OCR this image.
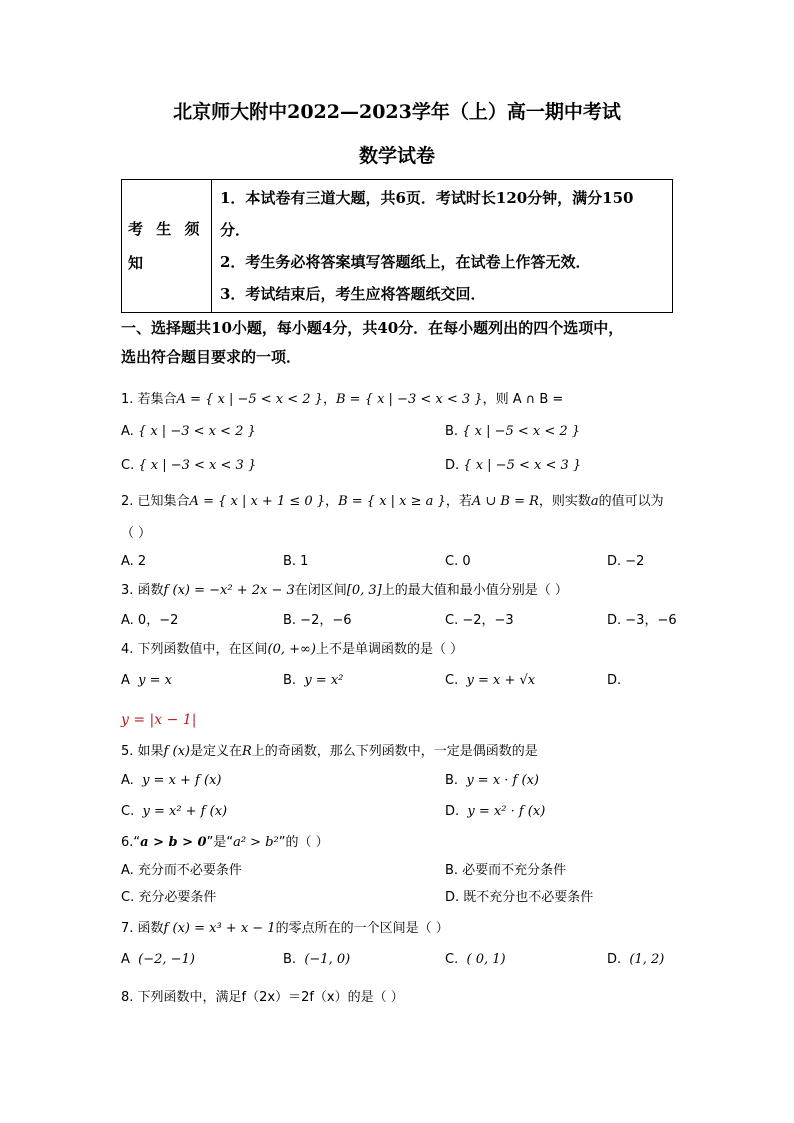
北京师大附中2022—2023学年（上）高一期中考试
数学试卷
考 生 须 知	
1．本试卷有三道大题，共6页．考试时长120分钟，满分150
分．
2．考生务必将答案填写答题纸上，在试卷上作答无效．
3．考试结束后，考生应将答题纸交回．
一、选择题共10小题，每小题4分，共40分．在每小题列出的四个选项中，
选出符合题目要求的一项．
1. 若集合A = { x | −5 < x < 2 }，B = { x | −3 < x < 3 }，则 A ∩ B =
A. { x | −3 < x < 2 }	B. { x | −5 < x < 2 }
C. { x | −3 < x < 3 }	D. { x | −5 < x < 3 }
2. 已知集合A = { x | x + 1 ≤ 0 }，B = { x | x ≥ a }，若A ∪ B = R，则实数a的值可以为
（ ）
A. 2	B. 1	C. 0	D. −2
3. 函数f (x) = −x² + 2x − 3在闭区间[0, 3]上的最大值和最小值分别是（ ）
A. 0，−2	B. −2，−6	C. −2，−3	D. −3，−6
4. 下列函数值中，在区间(0, +∞)上不是单调函数的是（ ）
A y = x	B. y = x²	C. y = x + √x	D.
y = |x − 1|
5. 如果f (x)是定义在R上的奇函数，那么下列函数中，一定是偶函数的是
A. y = x + f (x)	B. y = x · f (x)
C. y = x² + f (x)	D. y = x² · f (x)
6.“a > b > 0”是“a² > b²”的（ ）
A. 充分而不必要条件	B. 必要而不充分条件
C. 充分必要条件	D. 既不充分也不必要条件
7. 函数f (x) = x³ + x − 1的零点所在的一个区间是（ ）
A (−2, −1)	B. (−1, 0)	C. ( 0, 1)	D. (1, 2)
8. 下列函数中，满足f（2x）＝2f（x）的是（ ）
